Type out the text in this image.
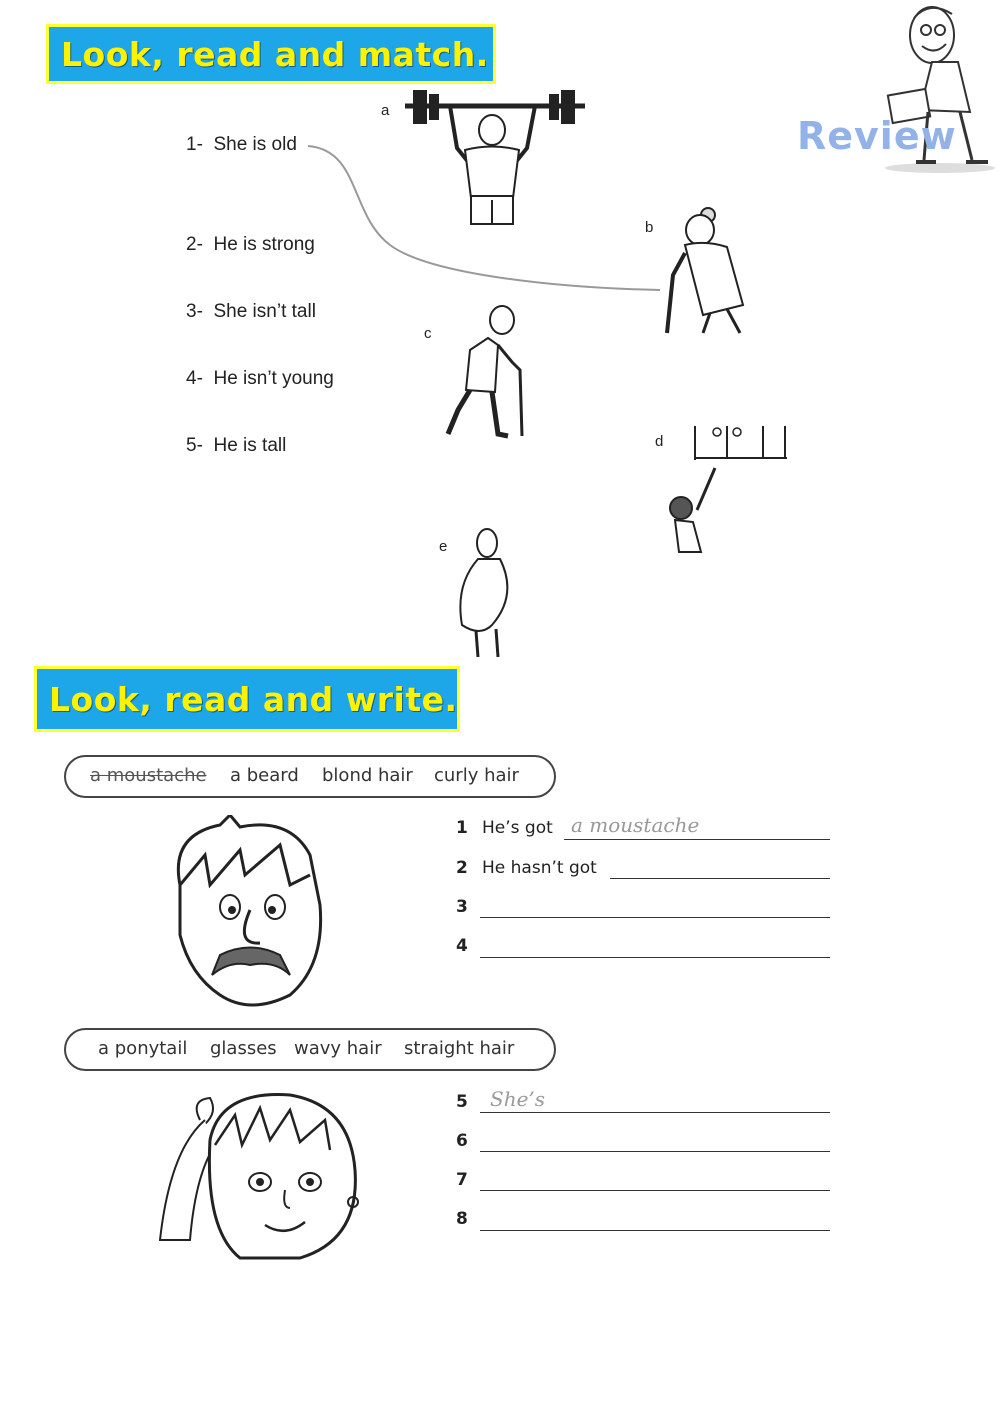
Look, read and match.
Review
1- She is old
2- He is strong
3- She isn’t tall
4- He isn’t young
5- He is tall
a
b
c
d
e
Look, read and write.
a moustache a beard blond hair curly hair
1 He’s got a moustache
2 He hasn’t got
3
4
a ponytail glasses wavy hair straight hair
5 She’s
6
7
8
